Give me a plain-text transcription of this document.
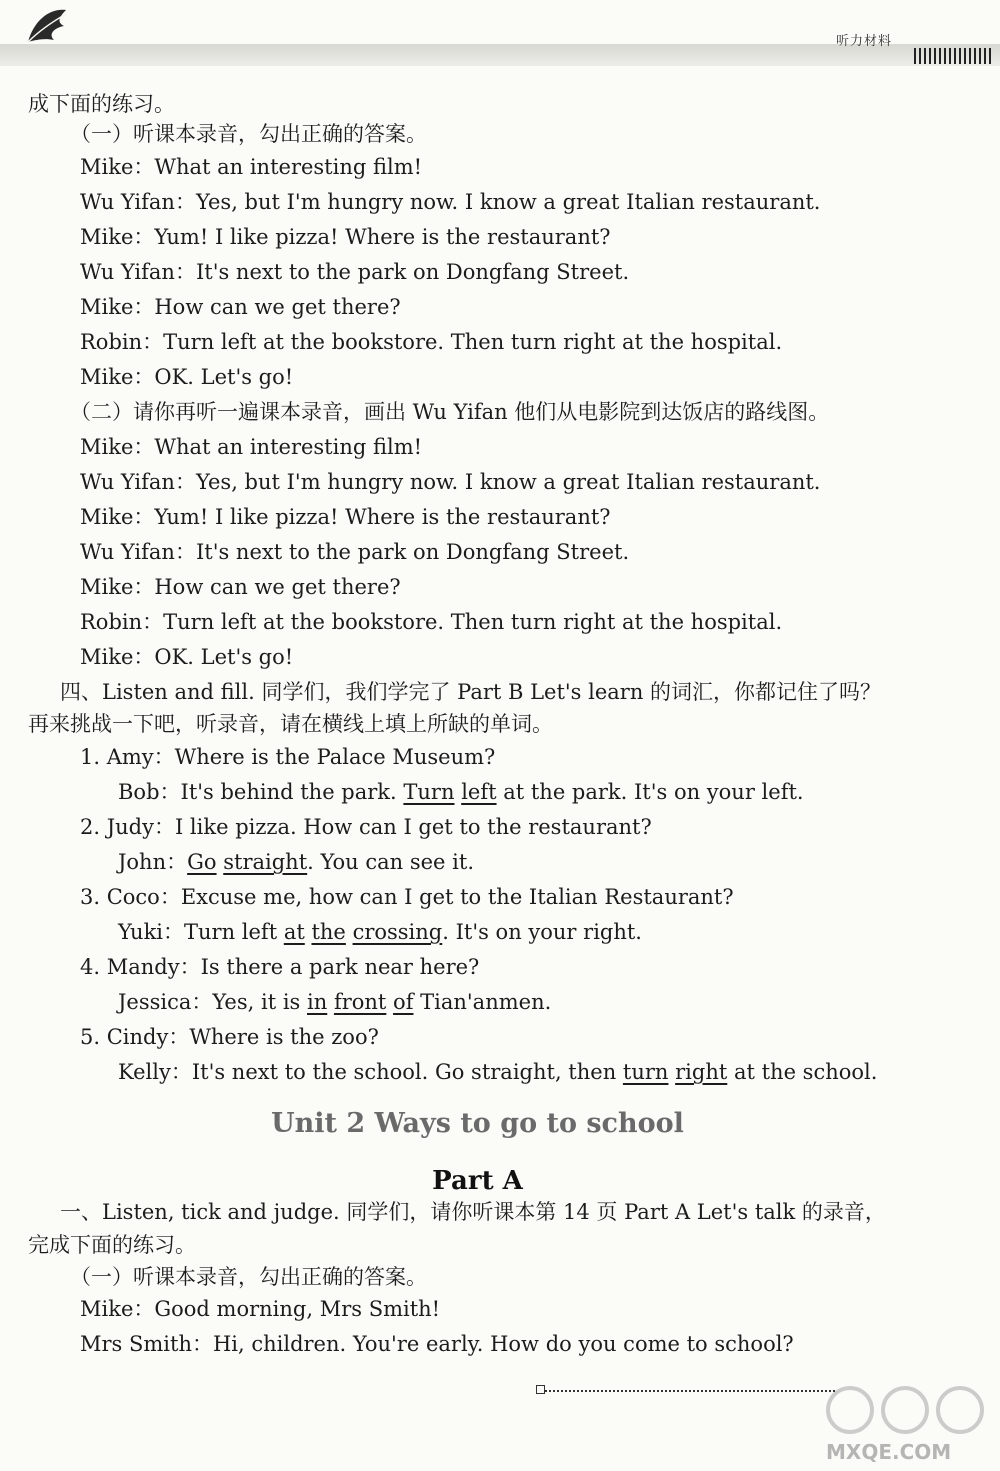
听力材料
成下面的练习。
（一）听课本录音，勾出正确的答案。
Mike：What an interesting film!
Wu Yifan：Yes, but I'm hungry now. I know a great Italian restaurant.
Mike：Yum! I like pizza! Where is the restaurant?
Wu Yifan：It's next to the park on Dongfang Street.
Mike：How can we get there?
Robin：Turn left at the bookstore. Then turn right at the hospital.
Mike：OK. Let's go!
（二）请你再听一遍课本录音，画出 Wu Yifan 他们从电影院到达饭店的路线图。
Mike：What an interesting film!
Wu Yifan：Yes, but I'm hungry now. I know a great Italian restaurant.
Mike：Yum! I like pizza! Where is the restaurant?
Wu Yifan：It's next to the park on Dongfang Street.
Mike：How can we get there?
Robin：Turn left at the bookstore. Then turn right at the hospital.
Mike：OK. Let's go!
四、Listen and fill. 同学们，我们学完了 Part B Let's learn 的词汇，你都记住了吗？
再来挑战一下吧，听录音，请在横线上填上所缺的单词。
1. Amy：Where is the Palace Museum?
Bob：It's behind the park. Turn left at the park. It's on your left.
2. Judy：I like pizza. How can I get to the restaurant?
John：Go straight. You can see it.
3. Coco：Excuse me, how can I get to the Italian Restaurant?
Yuki：Turn left at the crossing. It's on your right.
4. Mandy：Is there a park near here?
Jessica：Yes, it is in front of Tian'anmen.
5. Cindy：Where is the zoo?
Kelly：It's next to the school. Go straight, then turn right at the school.
一、Listen, tick and judge. 同学们，请你听课本第 14 页 Part A Let's talk 的录音，
完成下面的练习。
（一）听课本录音，勾出正确的答案。
Mike：Good morning, Mrs Smith!
Mrs Smith：Hi, children. You're early. How do you come to school?
Unit 2 Ways to go to school
Part A
MXQE.COM
